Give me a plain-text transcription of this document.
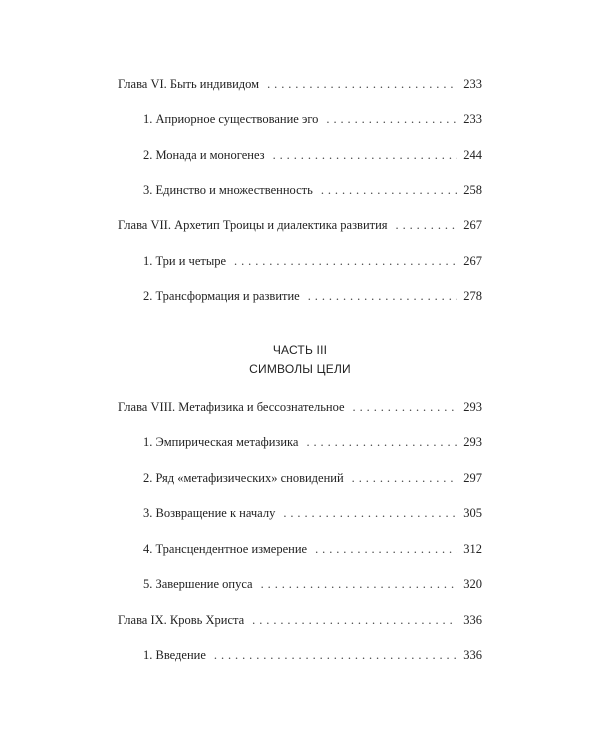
Глава VI. Быть индивидом . . .	233
1. Априорное существование эго . . .	233
2. Монада и моногенез . . .	244
3. Единство и множественность . . .	258
Глава VII. Архетип Троицы и диалектика развития . . .	267
1. Три и четыре . . .	267
2. Трансформация и развитие . . .	278
ЧАСТЬ III
СИМВОЛЫ ЦЕЛИ
Глава VIII. Метафизика и бессознательное . . .	293
1. Эмпирическая метафизика . . .	293
2. Ряд «метафизических» сновидений . . .	297
3. Возвращение к началу . . .	305
4. Трансцендентное измерение . . .	312
5. Завершение опуса . . .	320
Глава IX. Кровь Христа . . .	336
1. Введение . . .	336
